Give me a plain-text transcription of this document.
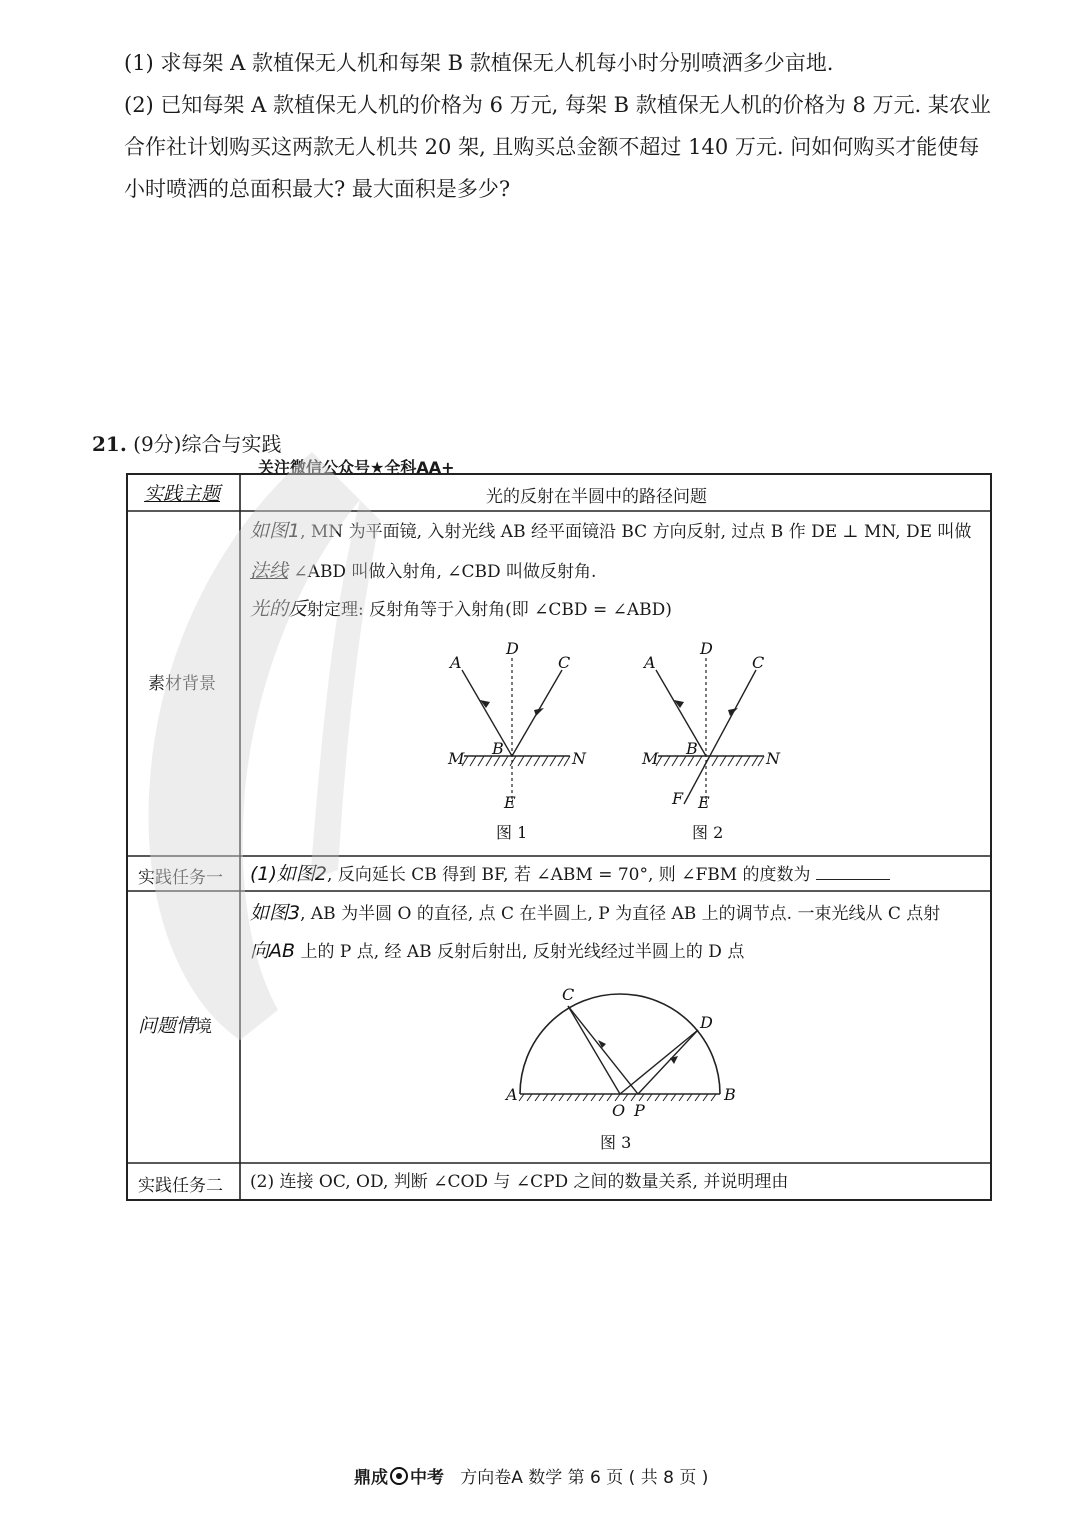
(1) 求每架 A 款植保无人机和每架 B 款植保无人机每小时分别喷洒多少亩地.
(2) 已知每架 A 款植保无人机的价格为 6 万元, 每架 B 款植保无人机的价格为 8 万元. 某农业
合作社计划购买这两款无人机共 20 架, 且购买总金额不超过 140 万元. 问如何购买才能使每
小时喷洒的总面积最大? 最大面积是多少?
21. (9分)综合与实践
关注微信公众号★全科AA+
实践主题	光的反射在半圆中的路径问题
素材背景
如图1, MN 为平面镜, 入射光线 AB 经平面镜沿 BC 方向反射, 过点 B 作 DE ⊥ MN, DE 叫做
法线 ∠ABD 叫做入射角, ∠CBD 叫做反射角.
光的反射定理: 反射角等于入射角(即 ∠CBD = ∠ABD)
A
D
C
M
B
N
E
图 1
A
D
C
M
B
N
F E
图 2
实践任务一 (1)如图2, 反向延长 CB 得到 BF, 若 ∠ABM = 70°, 则 ∠FBM 的度数为
问题情境
如图3, AB 为半圆 O 的直径, 点 C 在半圆上, P 为直径 AB 上的调节点. 一束光线从 C 点射
向AB 上的 P 点, 经 AB 反射后射出, 反射光线经过半圆上的 D 点
C
D
A	B
O P
图 3
实践任务二 (2) 连接 OC, OD, 判断 ∠COD 与 ∠CPD 之间的数量关系, 并说明理由
鼎成 中考 方向卷A 数学 第 6 页 ( 共 8 页 )
